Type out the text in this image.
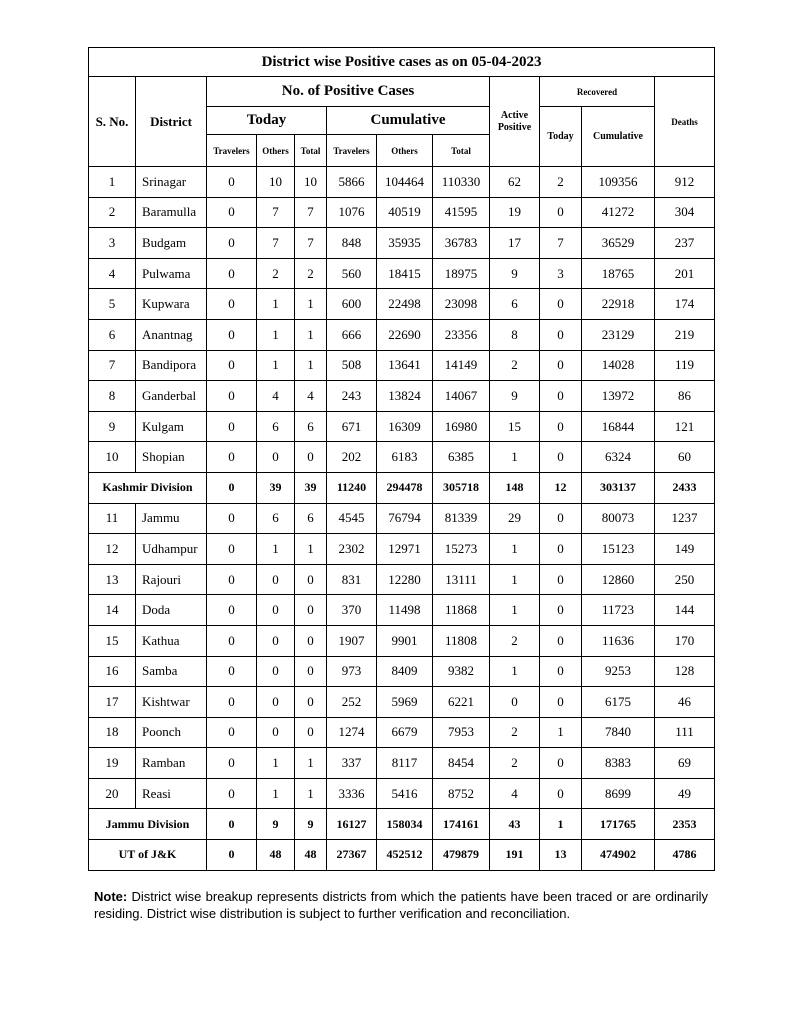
District wise Positive cases as on 05-04-2023											
S. No.	District	No. of Positive Cases						Active Positive	Recovered		Deaths
		Today			Cumulative				Today	Cumulative	
		Travelers	Others	Total	Travelers	Others	Total				
1	Srinagar	0	10	10	5866	104464	110330	62	2	109356	912
2	Baramulla	0	7	7	1076	40519	41595	19	0	41272	304
3	Budgam	0	7	7	848	35935	36783	17	7	36529	237
4	Pulwama	0	2	2	560	18415	18975	9	3	18765	201
5	Kupwara	0	1	1	600	22498	23098	6	0	22918	174
6	Anantnag	0	1	1	666	22690	23356	8	0	23129	219
7	Bandipora	0	1	1	508	13641	14149	2	0	14028	119
8	Ganderbal	0	4	4	243	13824	14067	9	0	13972	86
9	Kulgam	0	6	6	671	16309	16980	15	0	16844	121
10	Shopian	0	0	0	202	6183	6385	1	0	6324	60
Kashmir Division		0	39	39	11240	294478	305718	148	12	303137	2433
11	Jammu	0	6	6	4545	76794	81339	29	0	80073	1237
12	Udhampur	0	1	1	2302	12971	15273	1	0	15123	149
13	Rajouri	0	0	0	831	12280	13111	1	0	12860	250
14	Doda	0	0	0	370	11498	11868	1	0	11723	144
15	Kathua	0	0	0	1907	9901	11808	2	0	11636	170
16	Samba	0	0	0	973	8409	9382	1	0	9253	128
17	Kishtwar	0	0	0	252	5969	6221	0	0	6175	46
18	Poonch	0	0	0	1274	6679	7953	2	1	7840	111
19	Ramban	0	1	1	337	8117	8454	2	0	8383	69
20	Reasi	0	1	1	3336	5416	8752	4	0	8699	49
Jammu Division		0	9	9	16127	158034	174161	43	1	171765	2353
UT of J&K		0	48	48	27367	452512	479879	191	13	474902	4786
Note: District wise breakup represents districts from which the patients have been traced or are ordinarily residing. District wise distribution is subject to further verification and reconciliation.
